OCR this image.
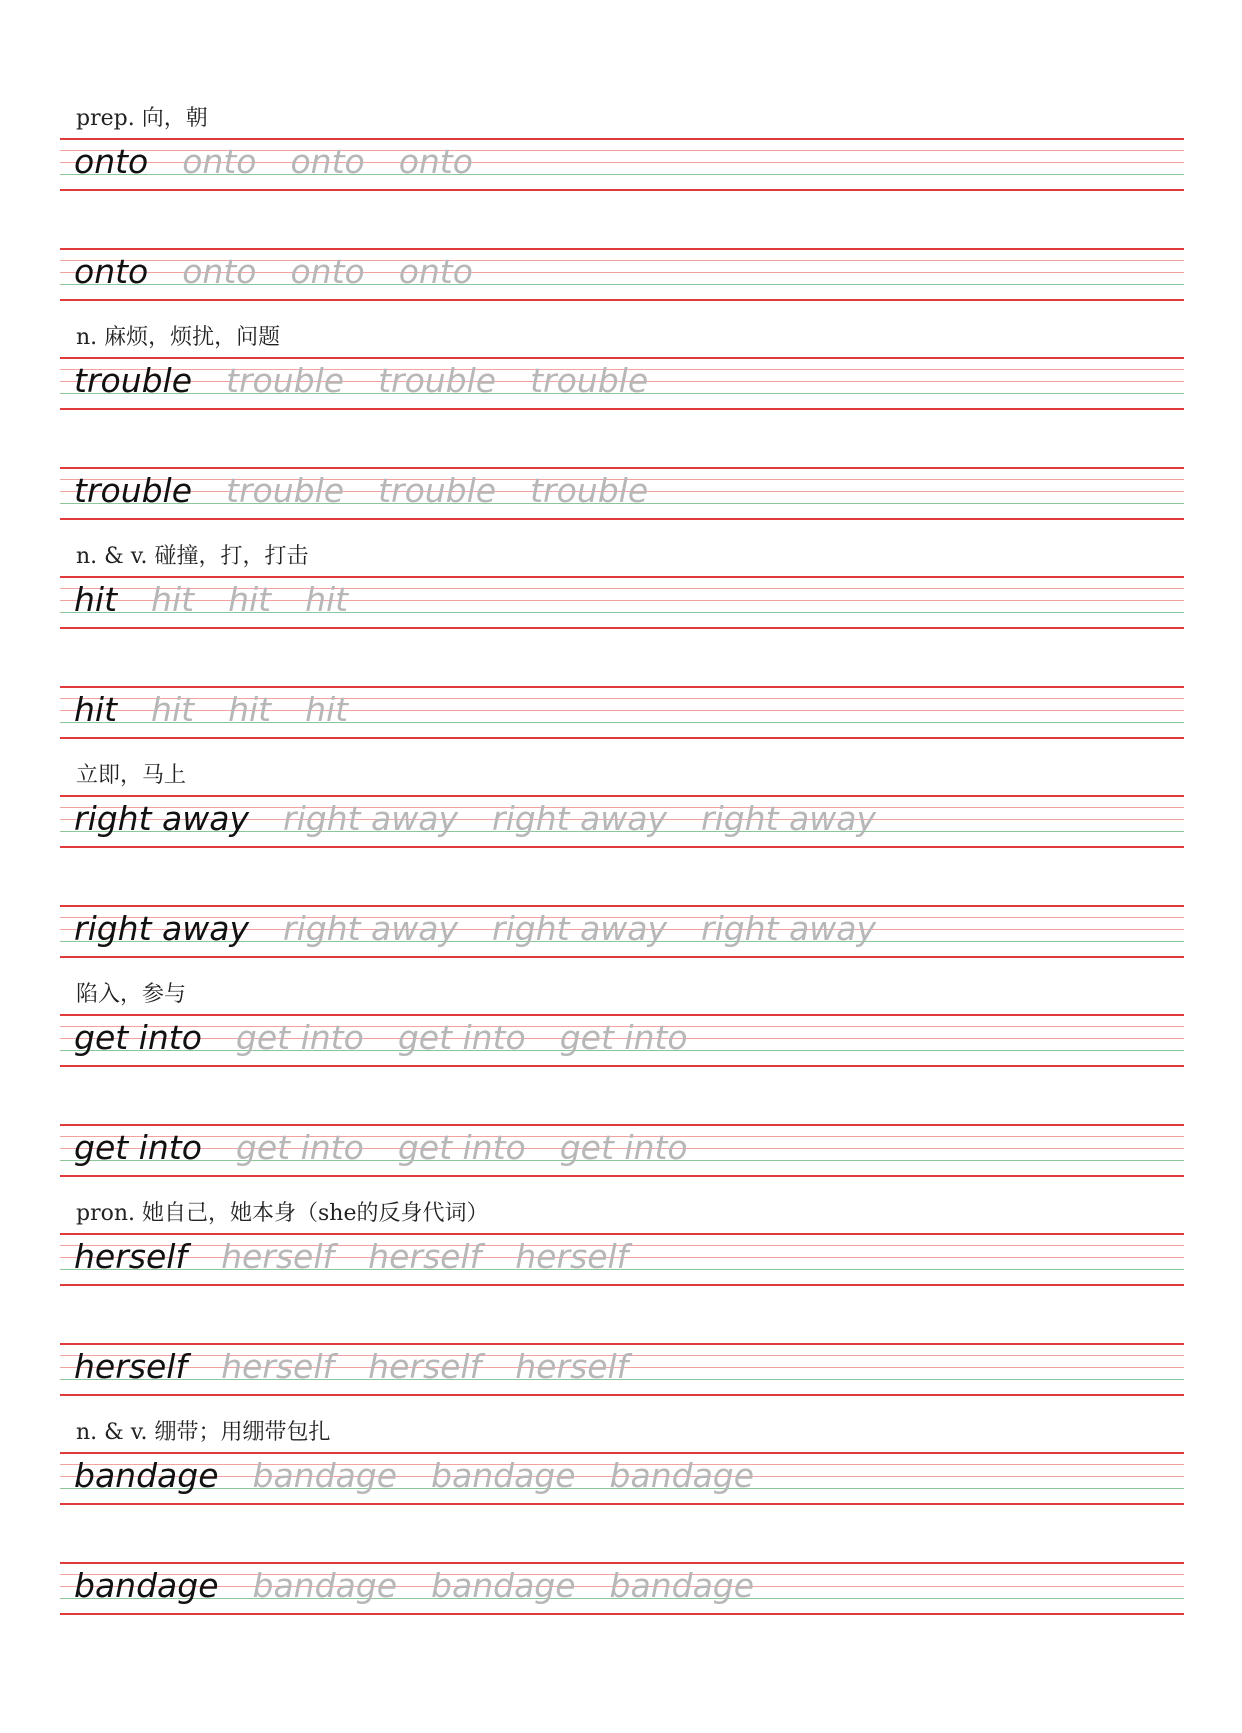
prep. 向，朝
onto onto onto onto
onto onto onto onto
n. 麻烦，烦扰，问题
trouble trouble trouble trouble
trouble trouble trouble trouble
n. & v. 碰撞，打，打击
hit hit hit hit
hit hit hit hit
立即，马上
right away right away right away right away
right away right away right away right away
陷入，参与
get into get into get into get into
get into get into get into get into
pron. 她自己，她本身（she的反身代词）
herself herself herself herself
herself herself herself herself
n. & v. 绷带；用绷带包扎
bandage bandage bandage bandage
bandage bandage bandage bandage
